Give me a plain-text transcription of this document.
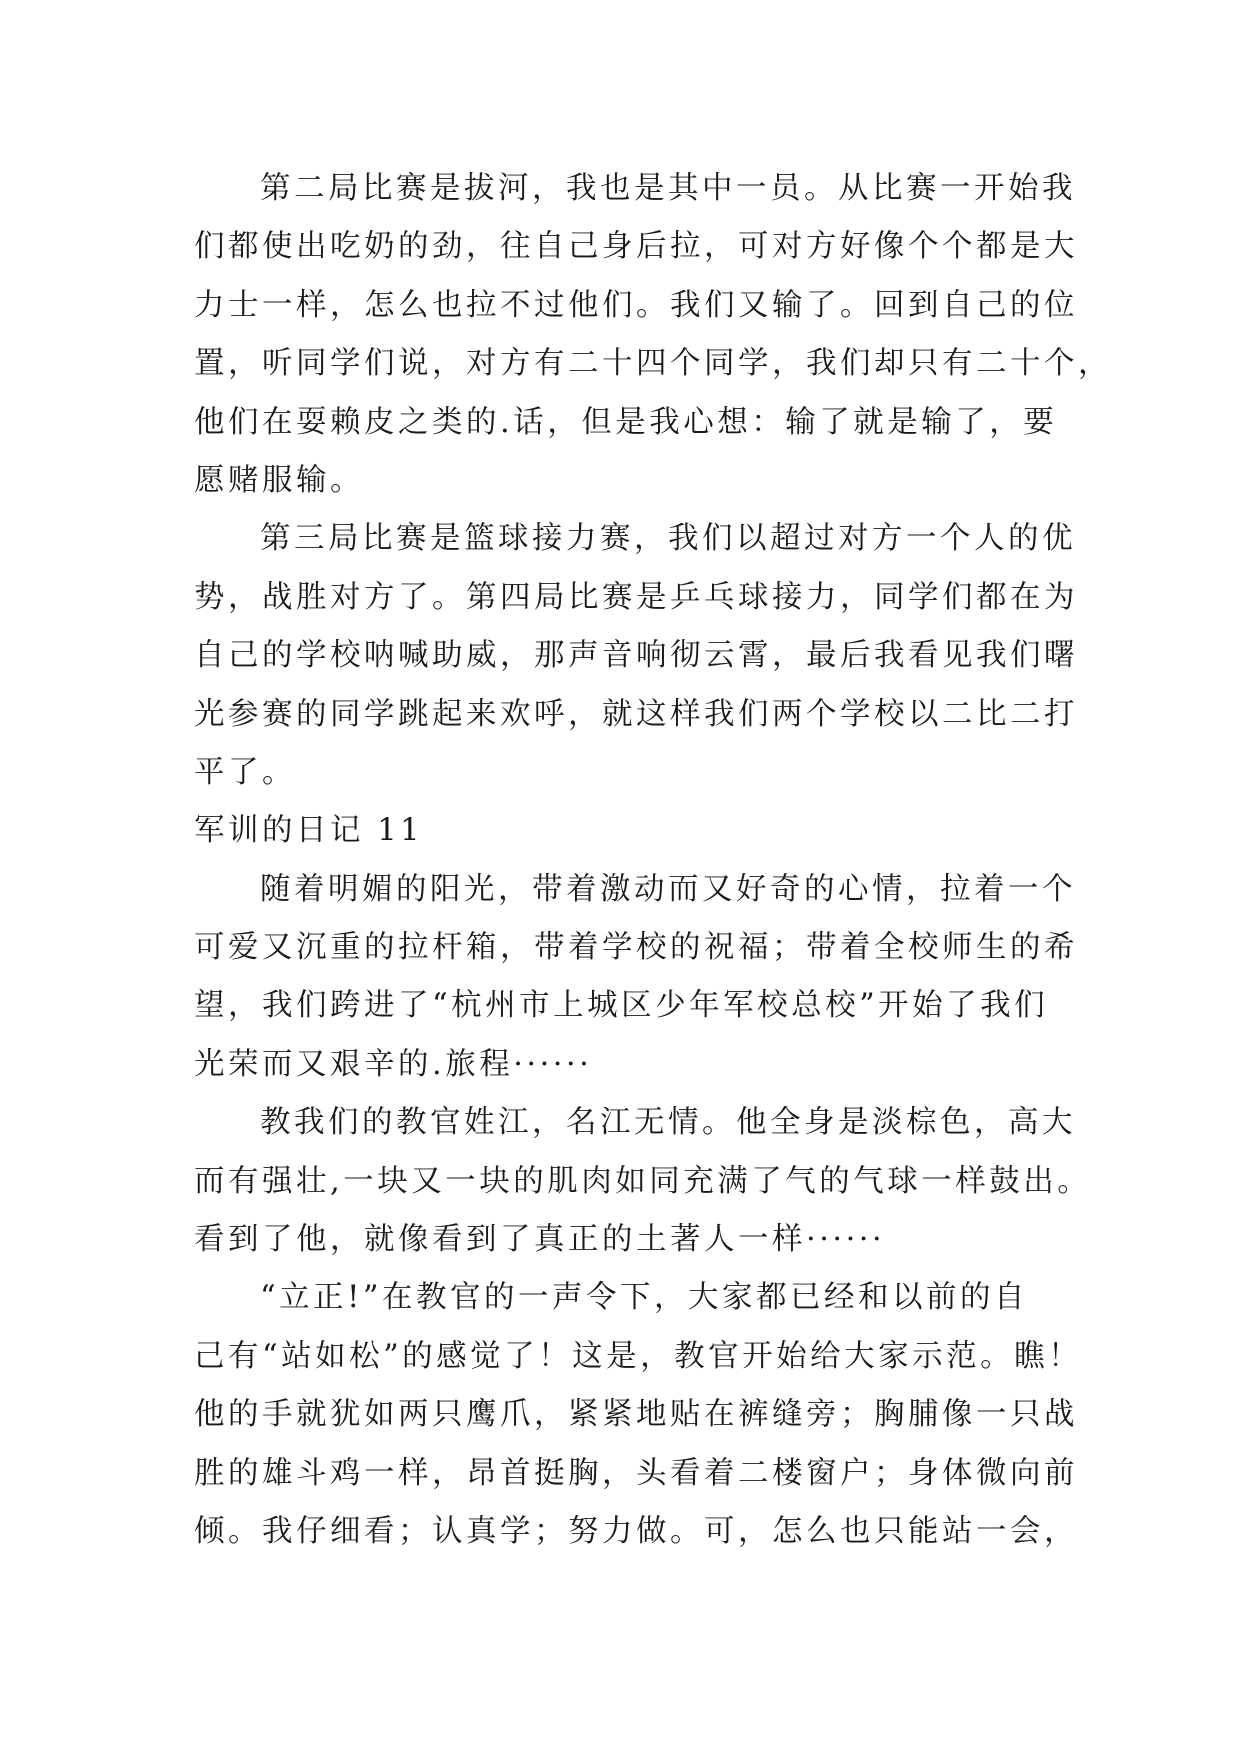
第二局比赛是拔河，我也是其中一员。从比赛一开始我
们都使出吃奶的劲，往自己身后拉，可对方好像个个都是大
力士一样，怎么也拉不过他们。我们又输了。回到自己的位
置，听同学们说，对方有二十四个同学，我们却只有二十个，
他们在耍赖皮之类的.话，但是我心想：输了就是输了，要
愿赌服输。
第三局比赛是篮球接力赛，我们以超过对方一个人的优
势，战胜对方了。第四局比赛是乒乓球接力，同学们都在为
自己的学校呐喊助威，那声音响彻云霄，最后我看见我们曙
光参赛的同学跳起来欢呼，就这样我们两个学校以二比二打
平了。
军训的日记 11
随着明媚的阳光，带着激动而又好奇的心情，拉着一个
可爱又沉重的拉杆箱，带着学校的祝福；带着全校师生的希
望，我们跨进了“杭州市上城区少年军校总校”开始了我们
光荣而又艰辛的.旅程······
教我们的教官姓江，名江无情。他全身是淡棕色，高大
而有强壮,一块又一块的肌肉如同充满了气的气球一样鼓出。
看到了他，就像看到了真正的土著人一样······
“立正!”在教官的一声令下，大家都已经和以前的自
己有“站如松”的感觉了！这是，教官开始给大家示范。瞧！
他的手就犹如两只鹰爪，紧紧地贴在裤缝旁；胸脯像一只战
胜的雄斗鸡一样，昂首挺胸，头看着二楼窗户；身体微向前
倾。我仔细看；认真学；努力做。可，怎么也只能站一会，
